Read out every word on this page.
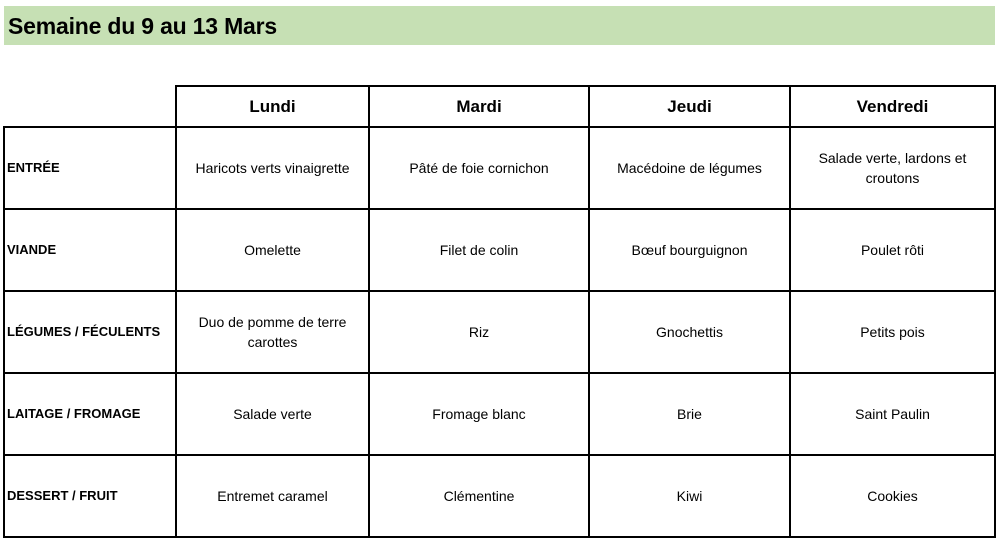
Semaine du 9 au 13 Mars
	Lundi	Mardi	Jeudi	Vendredi
ENTRÉE	Haricots verts vinaigrette	Pâté de foie cornichon	Macédoine de légumes	Salade verte, lardons et croutons
VIANDE	Omelette	Filet de colin	Bœuf bourguignon	Poulet rôti
LÉGUMES / FÉCULENTS	Duo de pomme de terre carottes	Riz	Gnochettis	Petits pois
LAITAGE / FROMAGE	Salade verte	Fromage blanc	Brie	Saint Paulin
DESSERT / FRUIT	Entremet caramel	Clémentine	Kiwi	Cookies
